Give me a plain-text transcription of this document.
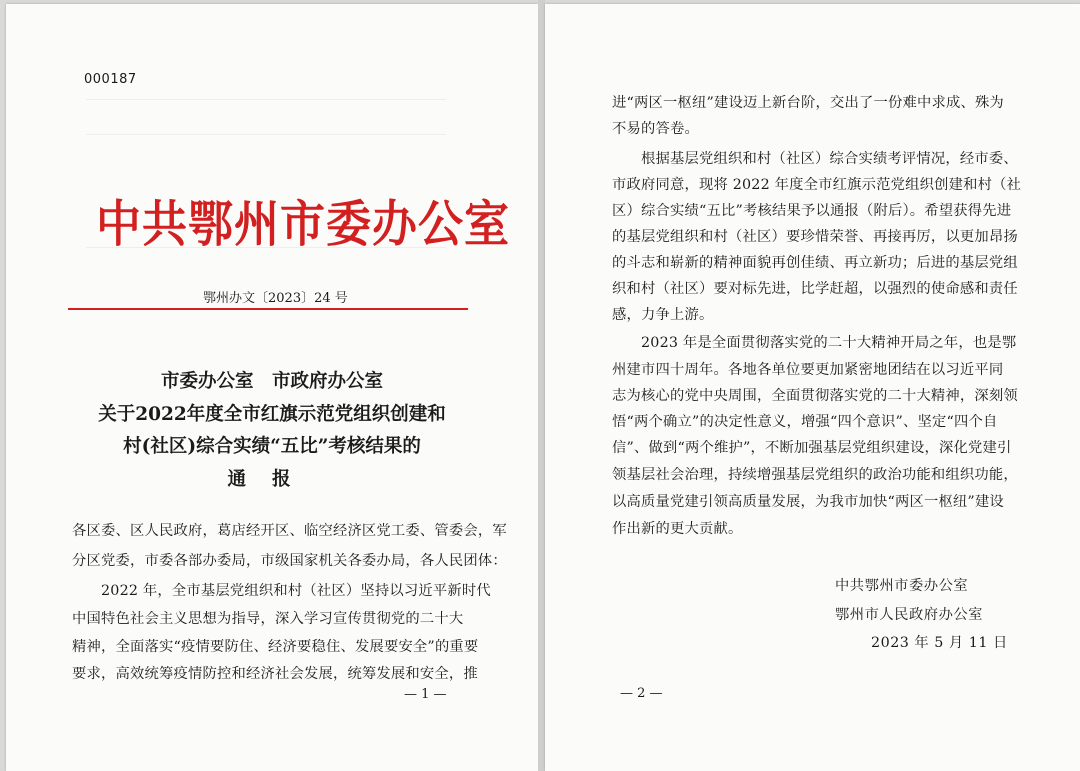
000187
中共鄂州市委办公室
鄂州办文〔2023〕24 号
市委办公室　市政府办公室
关于2022年度全市红旗示范党组织创建和
村(社区)综合实绩“五比”考核结果的
通报
各区委、区人民政府，葛店经开区、临空经济区党工委、管委会，军
分区党委，市委各部办委局，市级国家机关各委办局，各人民团体：
　　2022 年，全市基层党组织和村（社区）坚持以习近平新时代
中国特色社会主义思想为指导，深入学习宣传贯彻党的二十大
精神，全面落实“疫情要防住、经济要稳住、发展要安全”的重要
要求，高效统筹疫情防控和经济社会发展，统筹发展和安全，推
— 1 —
进“两区一枢纽”建设迈上新台阶，交出了一份难中求成、殊为
不易的答卷。
　　根据基层党组织和村（社区）综合实绩考评情况，经市委、
市政府同意，现将 2022 年度全市红旗示范党组织创建和村（社
区）综合实绩“五比”考核结果予以通报（附后）。希望获得先进
的基层党组织和村（社区）要珍惜荣誉、再接再厉，以更加昂扬
的斗志和崭新的精神面貌再创佳绩、再立新功；后进的基层党组
织和村（社区）要对标先进，比学赶超，以强烈的使命感和责任
感，力争上游。
　　2023 年是全面贯彻落实党的二十大精神开局之年，也是鄂
州建市四十周年。各地各单位要更加紧密地团结在以习近平同
志为核心的党中央周围，全面贯彻落实党的二十大精神，深刻领
悟“两个确立”的决定性意义，增强“四个意识”、坚定“四个自
信”、做到“两个维护”，不断加强基层党组织建设，深化党建引
领基层社会治理，持续增强基层党组织的政治功能和组织功能，
以高质量党建引领高质量发展，为我市加快“两区一枢纽”建设
作出新的更大贡献。
中共鄂州市委办公室
鄂州市人民政府办公室
2023 年 5 月 11 日
— 2 —
